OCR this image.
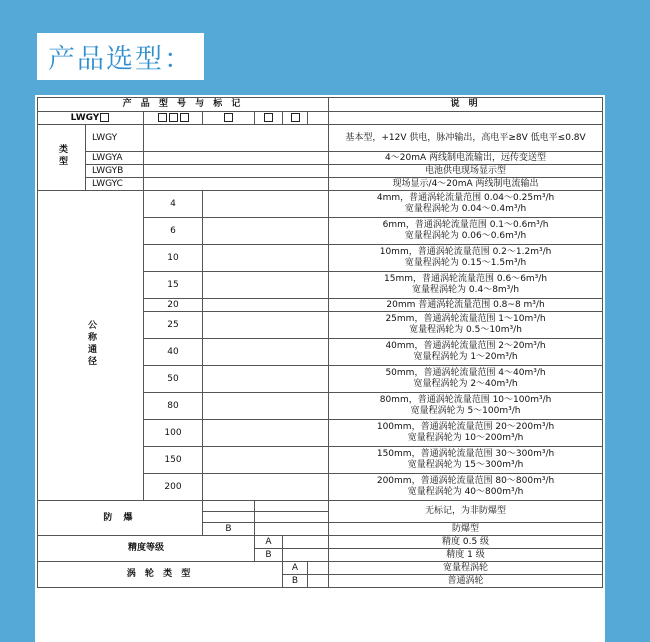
产品选型：
产 品 型 号 与 标 记							说 明
LWGY							
类型	LWGY						基本型，+12V 供电，脉冲输出，高电平≥8V 低电平≤0.8V
	LWGYA						4～20mA 两线制电流输出，远传变送型
	LWGYB						电池供电现场显示型
	LWGYC						现场显示/4～20mA 两线制电流输出
公称通径		4					4mm，普通涡轮流量范围 0.04～0.25m³/h
宽量程涡轮为 0.04～0.4m³/h

		6					6mm，普通涡轮流量范围 0.1～0.6m³/h
宽量程涡轮为 0.06～0.6m³/h

		10					10mm，普通涡轮流量范围 0.2～1.2m³/h
宽量程涡轮为 0.15～1.5m³/h

		15					15mm，普通涡轮流量范围 0.6～6m³/h
宽量程涡轮为 0.4～8m³/h

		20					20mm 普通涡轮流量范围 0.8~8 m³/h

		25					25mm，普通涡轮流量范围 1～10m³/h
宽量程涡轮为 0.5～10m³/h

		40					40mm，普通涡轮流量范围 2～20m³/h
宽量程涡轮为 1～20m³/h

		50					50mm，普通涡轮流量范围 4～40m³/h
宽量程涡轮为 2～40m³/h

		80					80mm，普通涡轮流量范围 10～100m³/h
宽量程涡轮为 5～100m³/h

		100					100mm，普通涡轮流量范围 20～200m³/h
宽量程涡轮为 10～200m³/h

		150					150mm，普通涡轮流量范围 30～300m³/h
宽量程涡轮为 15～300m³/h

		200					200mm，普通涡轮流量范围 80～800m³/h
宽量程涡轮为 40～800m³/h

防 爆							无标记，为非防爆型

			B				防爆型
精度等级				A			精度 0.5 级
				B			精度 1 级
涡 轮 类 型					A		宽量程涡轮
					B		普通涡轮
